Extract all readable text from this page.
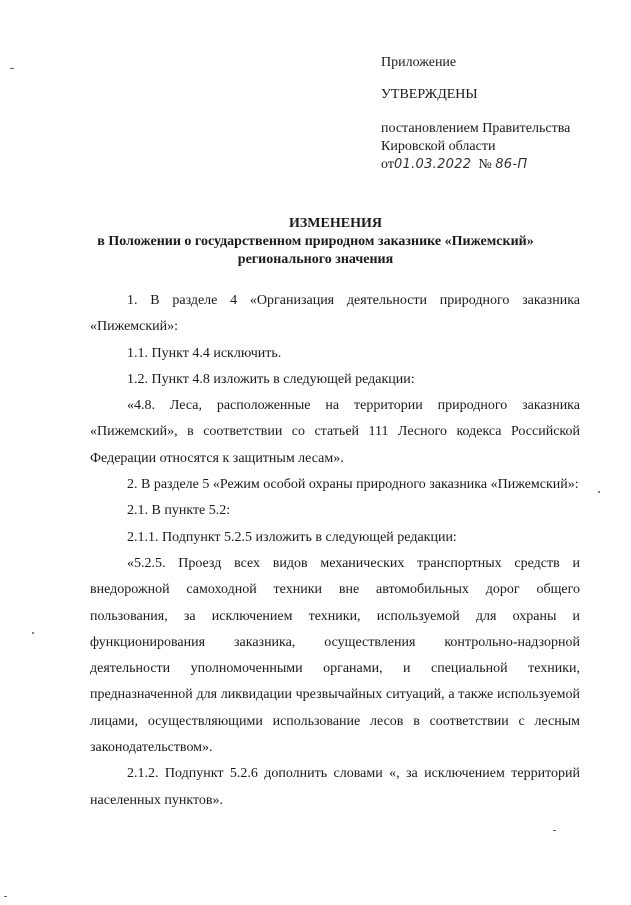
Приложение
УТВЕРЖДЕНЫ
постановлением Правительства
Кировской области
от01.03.2022 № 86-П
ИЗМЕНЕНИЯ
в Положении о государственном природном заказнике «Пижемский»
регионального значения

1. В разделе 4 «Организация деятельности природного заказника «Пижемский»:

1.1. Пункт 4.4 исключить.

1.2. Пункт 4.8 изложить в следующей редакции:

«4.8. Леса, расположенные на территории природного заказника «Пижемский», в соответствии со статьей 111 Лесного кодекса Российской Федерации относятся к защитным лесам».

2. В разделе 5 «Режим особой охраны природного заказника «Пижемский»:

2.1. В пункте 5.2:

2.1.1. Подпункт 5.2.5 изложить в следующей редакции:

«5.2.5. Проезд всех видов механических транспортных средств и внедорожной самоходной техники вне автомобильных дорог общего пользования, за исключением техники, используемой для охраны и функционирования заказника, осуществления контрольно-надзорной деятельности уполномоченными органами, и специальной техники, предназначенной для ликвидации чрезвычайных ситуаций, а также используемой лицами, осуществляющими использование лесов в соответствии с лесным законодательством».

2.1.2. Подпункт 5.2.6 дополнить словами «, за исключением территорий населенных пунктов».
